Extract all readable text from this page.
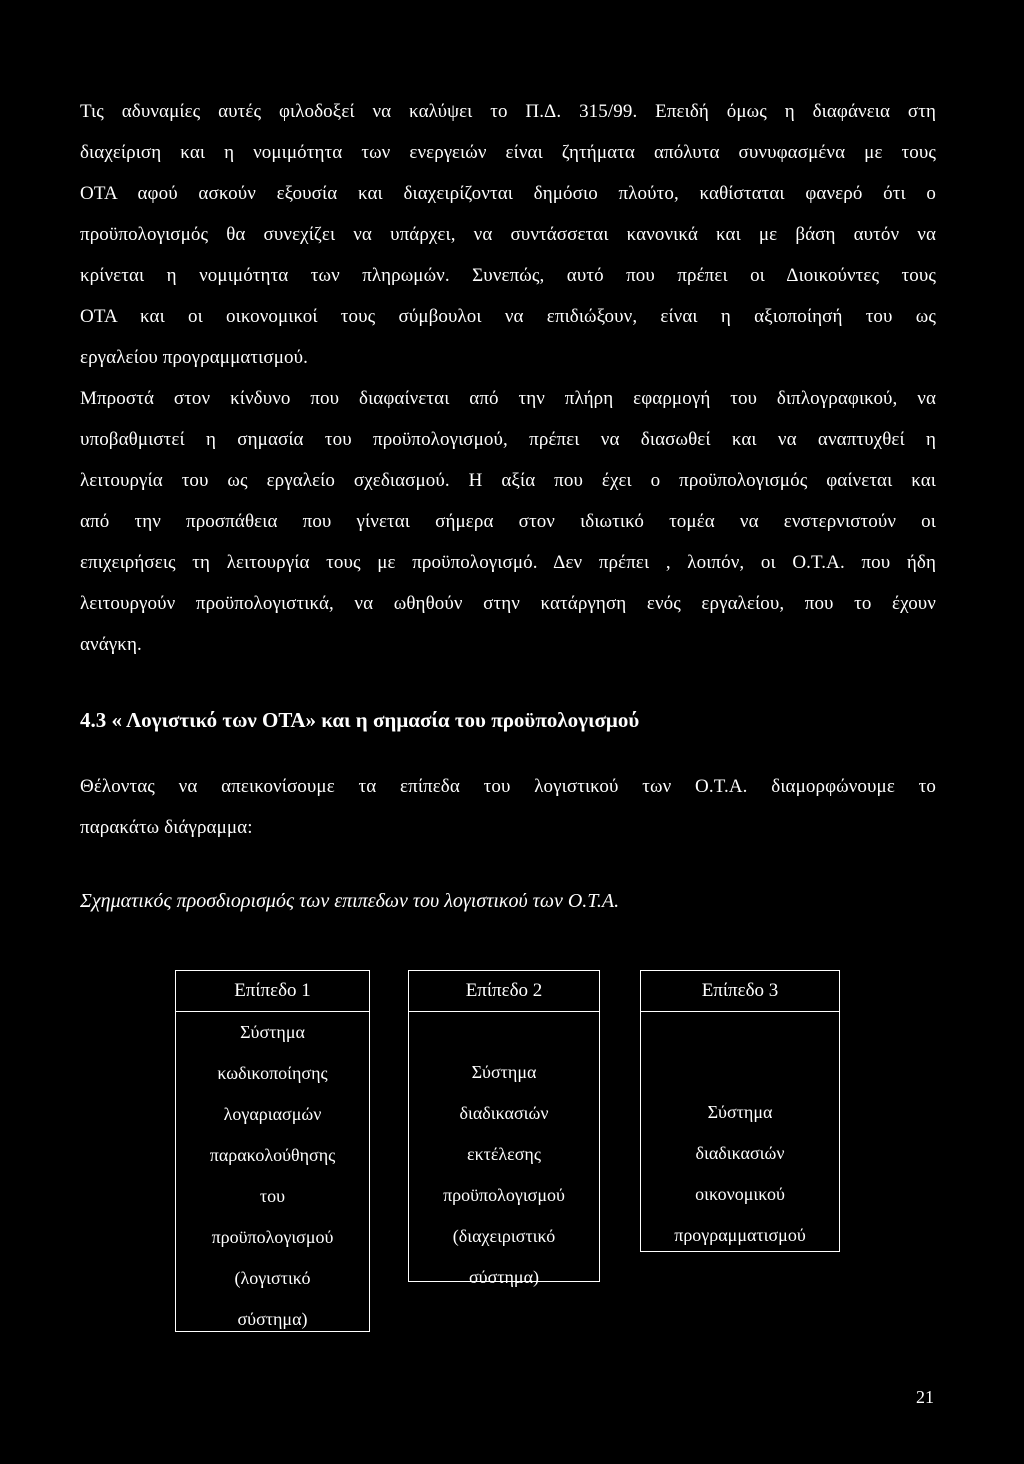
Τις αδυναμίες αυτές φιλοδοξεί να καλύψει το Π.Δ. 315/99. Επειδή όμως η διαφάνεια στη
διαχείριση και η νομιμότητα των ενεργειών είναι ζητήματα απόλυτα συνυφασμένα με τους
ΟΤΑ αφού ασκούν εξουσία και διαχειρίζονται δημόσιο πλούτο, καθίσταται φανερό ότι ο
προϋπολογισμός θα συνεχίζει να υπάρχει, να συντάσσεται κανονικά και με βάση αυτόν να
κρίνεται η νομιμότητα των πληρωμών. Συνεπώς, αυτό που πρέπει οι Διοικούντες τους
ΟΤΑ και οι οικονομικοί τους σύμβουλοι να επιδιώξουν, είναι η αξιοποίησή του ως
εργαλείου προγραμματισμού.
Μπροστά στον κίνδυνο που διαφαίνεται από την πλήρη εφαρμογή του διπλογραφικού, να
υποβαθμιστεί η σημασία του προϋπολογισμού, πρέπει να διασωθεί και να αναπτυχθεί η
λειτουργία του ως εργαλείο σχεδιασμού. Η αξία που έχει ο προϋπολογισμός φαίνεται και
από την προσπάθεια που γίνεται σήμερα στον ιδιωτικό τομέα να ενστερνιστούν οι
επιχειρήσεις τη λειτουργία τους με προϋπολογισμό. Δεν πρέπει , λοιπόν, οι Ο.Τ.Α. που ήδη
λειτουργούν προϋπολογιστικά, να ωθηθούν στην κατάργηση ενός εργαλείου, που το έχουν
ανάγκη.
4.3 « Λογιστικό των ΟΤΑ» και η σημασία του προϋπολογισμού
Θέλοντας να απεικονίσουμε τα επίπεδα του λογιστικού των Ο.Τ.Α. διαμορφώνουμε το
παρακάτω διάγραμμα:
Σχηματικός προσδιορισμός των επιπεδων του λογιστικού των Ο.Τ.Α.
Επίπεδο 1
Σύστημα
κωδικοποίησης
λογαριασμών
παρακολούθησης
του
προϋπολογισμού
(λογιστικό
σύστημα)
Επίπεδο 2
Σύστημα
διαδικασιών
εκτέλεσης
προϋπολογισμού
(διαχειριστικό
σύστημα)
Επίπεδο 3
Σύστημα
διαδικασιών
οικονομικού
προγραμματισμού
21
